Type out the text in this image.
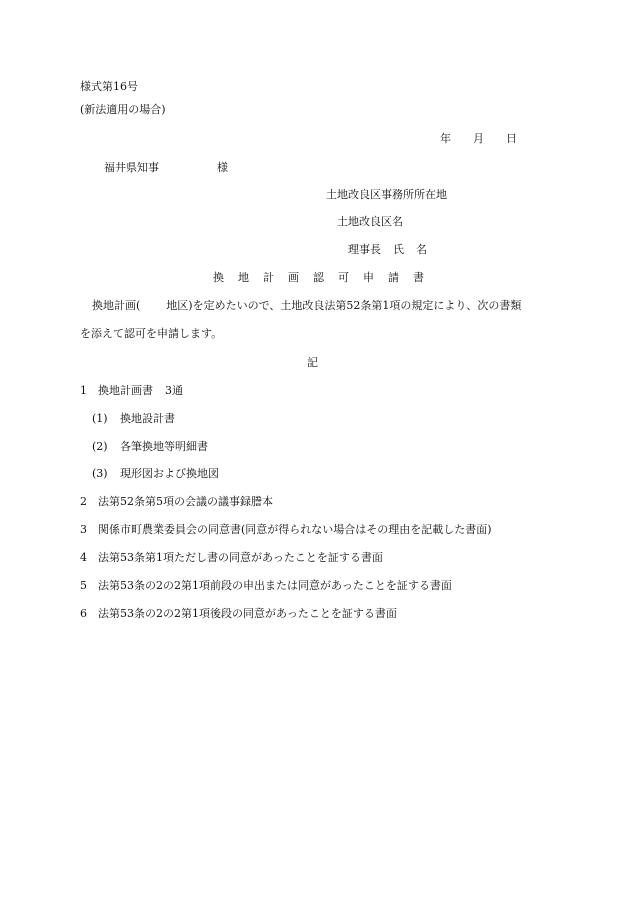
様式第16号
(新法適用の場合)
年 月 日
福井県知事	様
土地改良区事務所所在地
土地改良区名
理事長 氏名
換地計画認可申請書
換地計画( 地区)を定めたいので、土地改良法第52条第1項の規定により、次の書類
を添えて認可を申請します。
記
1 換地計画書 3通
(1) 換地設計書
(2) 各筆換地等明細書
(3) 現形図および換地図
2 法第52条第5項の会議の議事録謄本
3 関係市町農業委員会の同意書(同意が得られない場合はその理由を記載した書面)
4 法第53条第1項ただし書の同意があったことを証する書面
5 法第53条の2の2第1項前段の申出または同意があったことを証する書面
6 法第53条の2の2第1項後段の同意があったことを証する書面
